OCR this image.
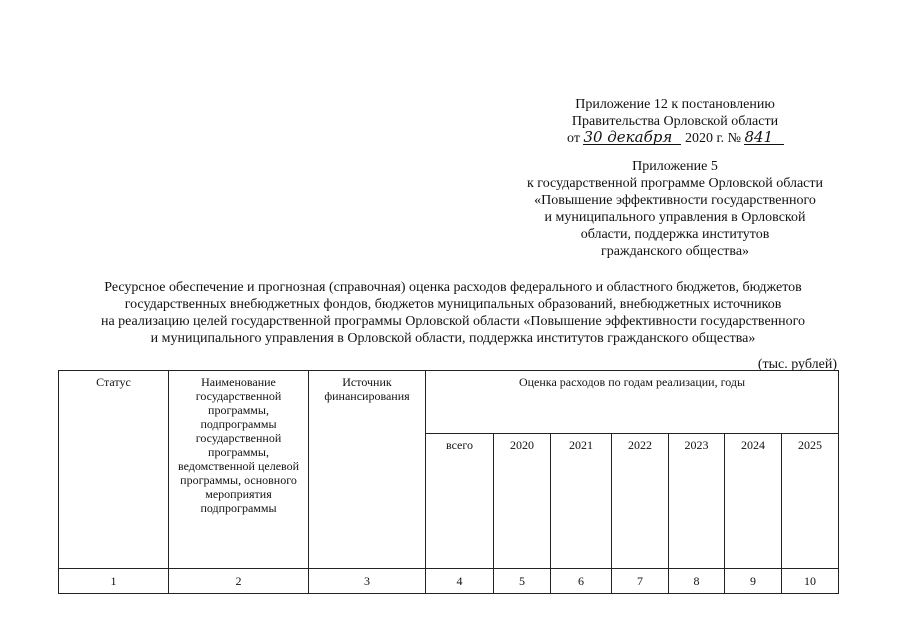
Приложение 12 к постановлению
Правительства Орловской области
от 30 декабря 2020 г. № 841
Приложение 5
к государственной программе Орловской области
«Повышение эффективности государственного
и муниципального управления в Орловской
области, поддержка институтов
гражданского общества»
Ресурсное обеспечение и прогнозная (справочная) оценка расходов федерального и областного бюджетов, бюджетов
государственных внебюджетных фондов, бюджетов муниципальных образований, внебюджетных источников
на реализацию целей государственной программы Орловской области «Повышение эффективности государственного
и муниципального управления в Орловской области, поддержка институтов гражданского общества»
(тыс. рублей)
Статус	Наименование государственной программы, подпрограммы государственной программы, ведомственной целевой программы, основного мероприятия подпрограммы	Источник финансирования	Оценка расходов по годам реализации, годы						
			всего	2020	2021	2022	2023	2024	2025
1	2	3	4	5	6	7	8	9	10
